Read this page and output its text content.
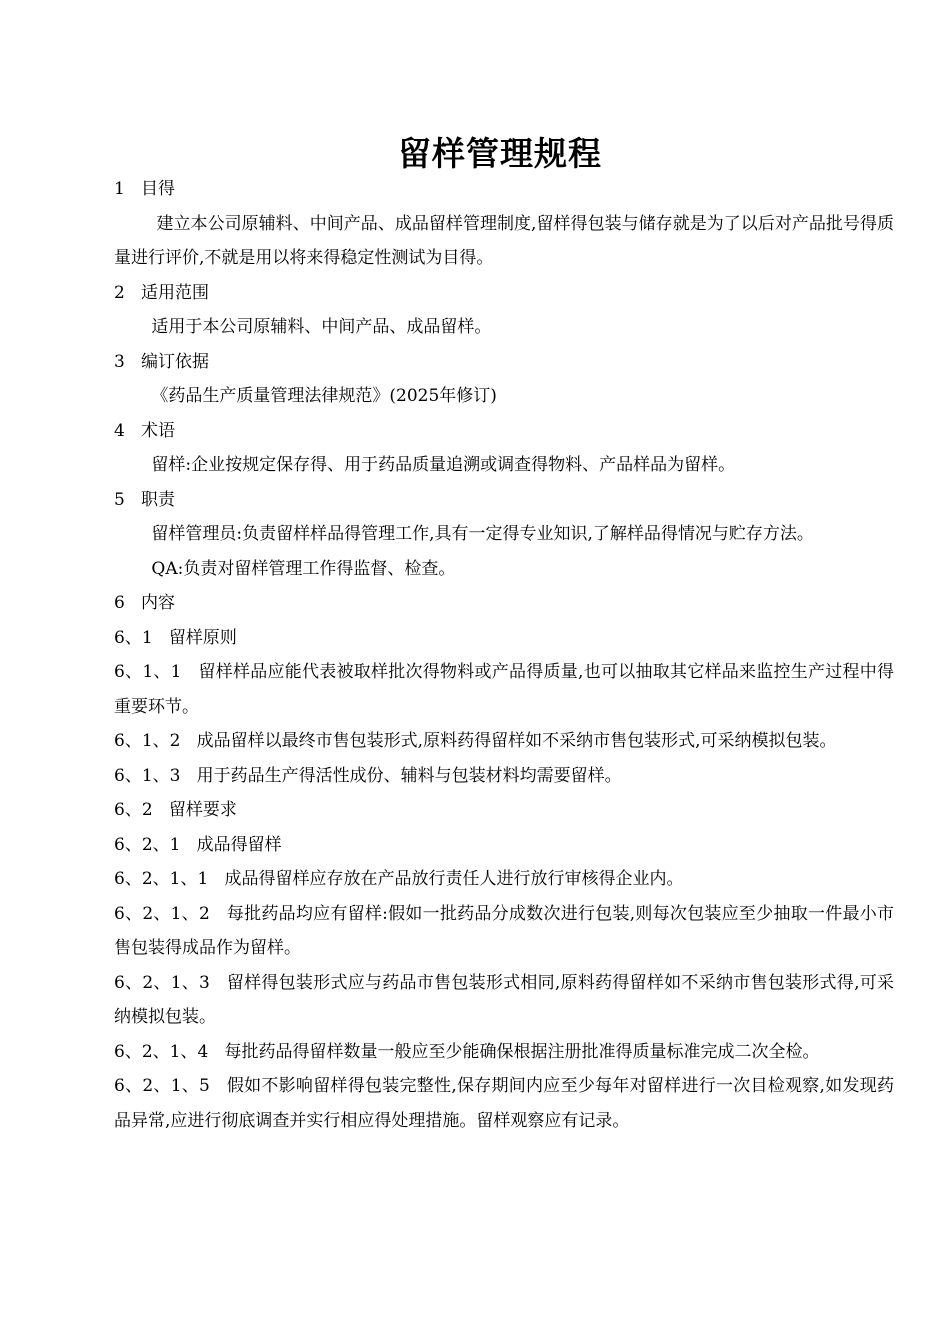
留样管理规程

1 目得

建立本公司原辅料、中间产品、成品留样管理制度,留样得包装与储存就是为了以后对产品批号得质量进行评价,不就是用以将来得稳定性测试为目得。

2 适用范围

适用于本公司原辅料、中间产品、成品留样。

3 编订依据

《药品生产质量管理法律规范》(2025年修订)

4 术语

留样:企业按规定保存得、用于药品质量追溯或调查得物料、产品样品为留样。

5 职责

留样管理员:负责留样样品得管理工作,具有一定得专业知识,了解样品得情况与贮存方法。

QA:负责对留样管理工作得监督、检查。

6 内容

6、1 留样原则

6、1、1 留样样品应能代表被取样批次得物料或产品得质量,也可以抽取其它样品来监控生产过程中得重要环节。

6、1、2 成品留样以最终市售包装形式,原料药得留样如不采纳市售包装形式,可采纳模拟包装。

6、1、3 用于药品生产得活性成份、辅料与包装材料均需要留样。

6、2 留样要求

6、2、1 成品得留样

6、2、1、1 成品得留样应存放在产品放行责任人进行放行审核得企业内。

6、2、1、2 每批药品均应有留样:假如一批药品分成数次进行包装,则每次包装应至少抽取一件最小市售包装得成品作为留样。

6、2、1、3 留样得包装形式应与药品市售包装形式相同,原料药得留样如不采纳市售包装形式得,可采纳模拟包装。

6、2、1、4 每批药品得留样数量一般应至少能确保根据注册批准得质量标准完成二次全检。

6、2、1、5 假如不影响留样得包装完整性,保存期间内应至少每年对留样进行一次目检观察,如发现药品异常,应进行彻底调查并实行相应得处理措施。留样观察应有记录。
